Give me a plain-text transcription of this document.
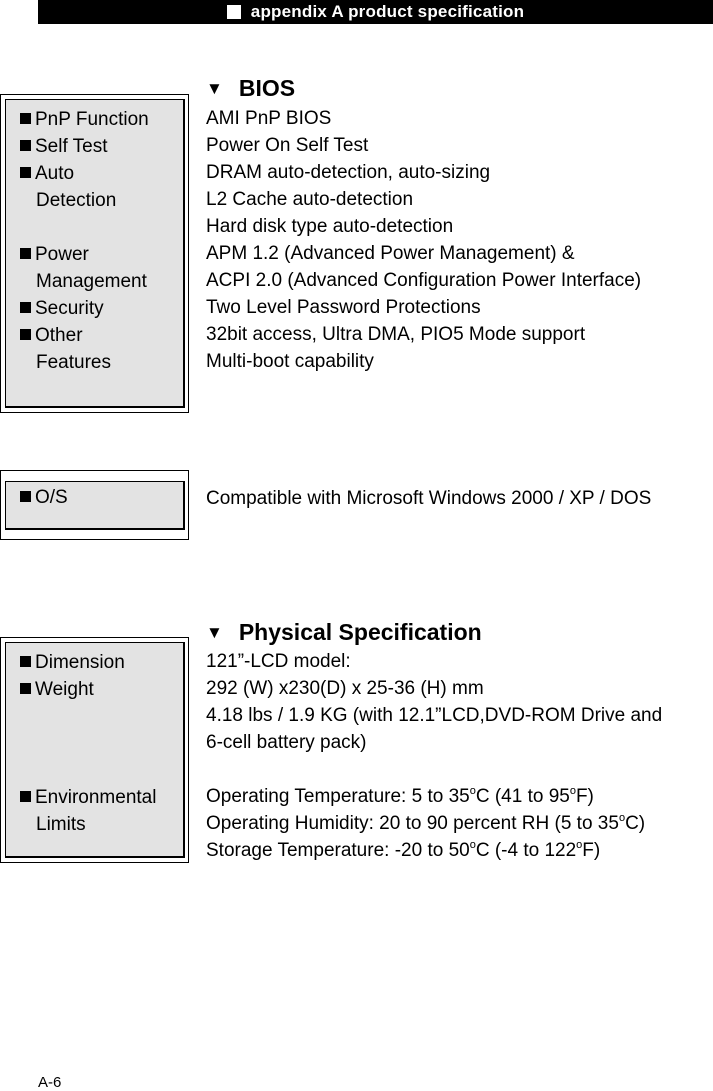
appendix A product specification
▼ BIOS
PnP Function
Self Test
Auto
Detection
Power
Management
Security
Other
Features
AMI PnP BIOS
Power On Self Test
DRAM auto-detection, auto-sizing
L2 Cache auto-detection
Hard disk type auto-detection
APM 1.2 (Advanced Power Management) &
ACPI 2.0 (Advanced Configuration Power Interface)
Two Level Password Protections
32bit access, Ultra DMA, PIO5 Mode support
Multi-boot capability
O/S	Compatible with Microsoft Windows 2000 / XP / DOS
▼ Physical Specification
Dimension
Weight
Environmental
Limits
121”-LCD model:
292 (W) x230(D) x 25-36 (H) mm
4.18 lbs / 1.9 KG (with 12.1”LCD,DVD-ROM Drive and
6-cell battery pack)
Operating Temperature: 5 to 35$^o$C (41 to 95$^o$F)
Operating Humidity: 20 to 90 percent RH (5 to 35$^o$C)
Storage Temperature: -20 to 50$^o$C (-4 to 122$^o$F)
A-6
